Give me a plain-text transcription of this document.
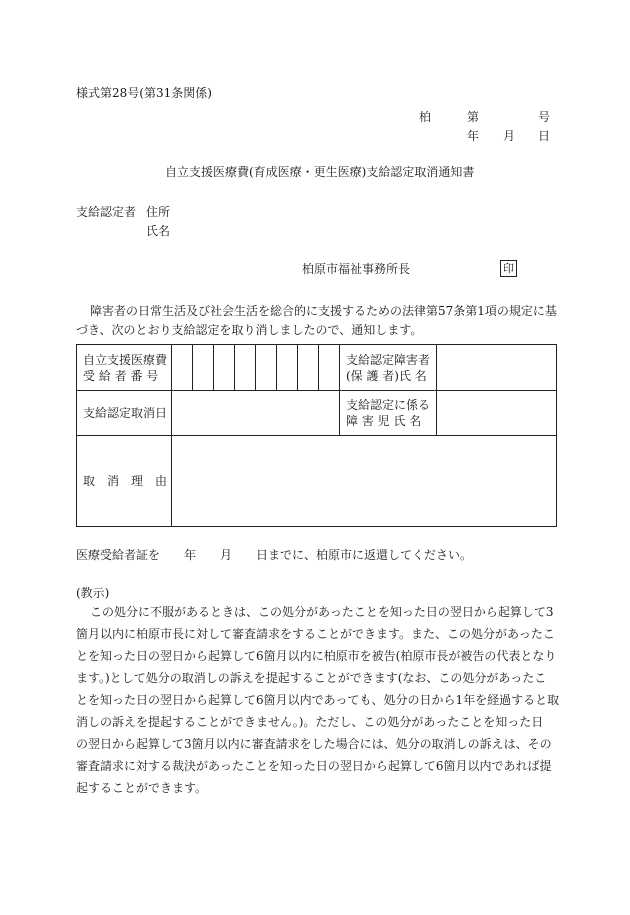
様式第28号(第31条関係)
柏	第	号
年 月 日
自立支援医療費(育成医療・更生医療)支給認定取消通知書
支給認定者 住所
氏名
柏原市福祉事務所長	印
障害者の日常生活及び社会生活を総合的に支援するための法律第57条第1項の規定に基
づき、次のとおり支給認定を取り消しましたので、通知します。
自立支援医療費
受 給 者 番 号									支給認定障害者
(保 護 者)氏 名	

支給認定取消日									支給認定に係る
障 害 児 氏 名	

取　消　理　由										
医療受給者証を 年 月 日までに、柏原市に返還してください。
(教示)
この処分に不服があるときは、この処分があったことを知った日の翌日から起算して3
箇月以内に柏原市長に対して審査請求をすることができます。また、この処分があったこ
とを知った日の翌日から起算して6箇月以内に柏原市を被告(柏原市長が被告の代表となり
ます。)として処分の取消しの訴えを提起することができます(なお、この処分があったこ
とを知った日の翌日から起算して6箇月以内であっても、処分の日から1年を経過すると取
消しの訴えを提起することができません。)。ただし、この処分があったことを知った日
の翌日から起算して3箇月以内に審査請求をした場合には、処分の取消しの訴えは、その
審査請求に対する裁決があったことを知った日の翌日から起算して6箇月以内であれば提
起することができます。
